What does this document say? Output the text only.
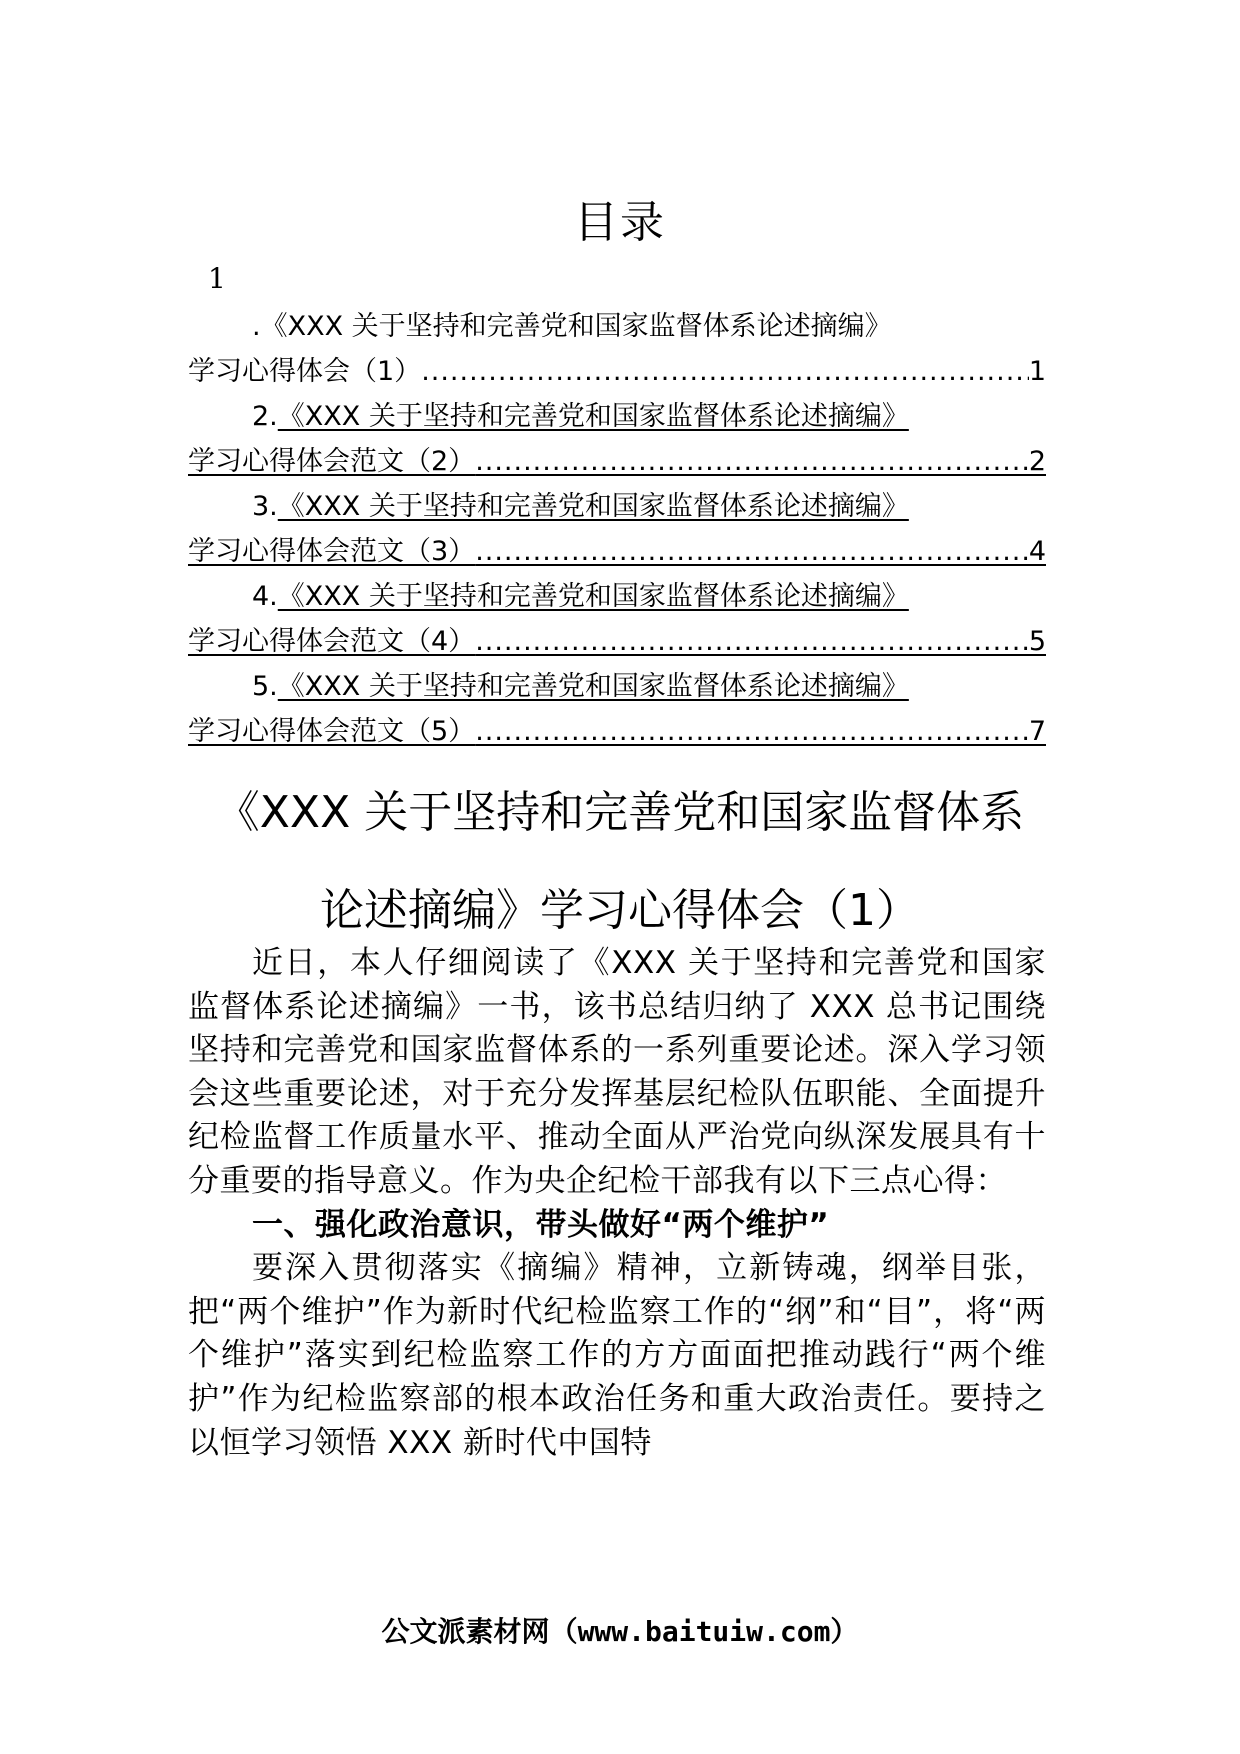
目录
1
.《XXX 关于坚持和完善党和国家监督体系论述摘编》
学习心得体会（1） .....	1
2.《XXX 关于坚持和完善党和国家监督体系论述摘编》
学习心得体会范文（2） .....	2
3.《XXX 关于坚持和完善党和国家监督体系论述摘编》
学习心得体会范文（3） .....	4
4.《XXX 关于坚持和完善党和国家监督体系论述摘编》
学习心得体会范文（4） .....	5
5.《XXX 关于坚持和完善党和国家监督体系论述摘编》
学习心得体会范文（5） .....	7
《XXX 关于坚持和完善党和国家监督体系
论述摘编》学习心得体会（1）

近日，本人仔细阅读了《XXX 关于坚持和完善党和国家监督体系论述摘编》一书，该书总结归纳了 XXX 总书记围绕坚持和完善党和国家监督体系的一系列重要论述。深入学习领会这些重要论述，对于充分发挥基层纪检队伍职能、全面提升纪检监督工作质量水平、推动全面从严治党向纵深发展具有十分重要的指导意义。作为央企纪检干部我有以下三点心得：

一、强化政治意识，带头做好“两个维护”

要深入贯彻落实《摘编》精神，立新铸魂，纲举目张，把“两个维护”作为新时代纪检监察工作的“纲”和“目”，将“两个维护”落实到纪检监察工作的方方面面把推动践行“两个维护”作为纪检监察部的根本政治任务和重大政治责任。要持之以恒学习领悟 XXX 新时代中国特

公文派素材网（www.baituiw.com）
